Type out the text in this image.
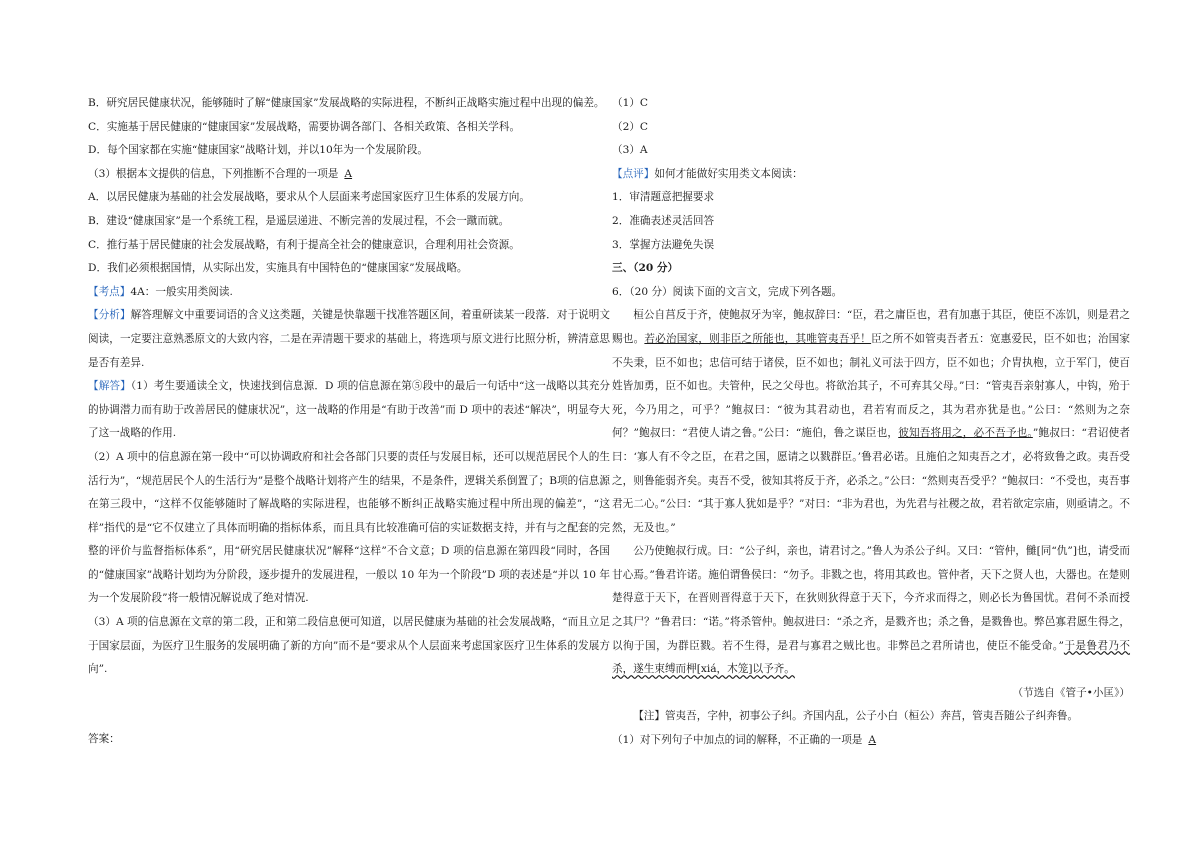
B．研究居民健康状况，能够随时了解“健康国家”发展战略的实际进程，不断纠正战略实施过程中出现的偏差。

C．实施基于居民健康的“健康国家”发展战略，需要协调各部门、各相关政策、各相关学科。

D．每个国家都在实施“健康国家”战略计划，并以10年为一个发展阶段。

（3）根据本文提供的信息，下列推断不合理的一项是 A

A．以居民健康为基础的社会发展战略，要求从个人层面来考虑国家医疗卫生体系的发展方向。

B．建设“健康国家”是一个系统工程，是遥层递进、不断完善的发展过程，不会一蹴而就。

C．推行基于居民健康的社会发展战略，有利于提高全社会的健康意识，合理利用社会资源。

D．我们必须根据国情，从实际出发，实施具有中国特色的“健康国家”发展战略。

【考点】4A：一般实用类阅读.

【分析】解答理解文中重要词语的含义这类题，关键是快靠题干找准答题区间，着重研读某一段落．对于说明文阅读，一定要注意熟悉原文的大致内容，二是在弄清题干要求的基础上，将选项与原文进行比照分析，辨清意思是否有差异.

【解答】（1）考生要通读全文，快速找到信息源．D 项的信息源在第⑤段中的最后一句话中“这一战略以其充分的协调潜力而有助于改善居民的健康状况”，这一战略的作用是“有助于改善”而 D 项中的表述“解决”，明显夸大了这一战略的作用.

（2）A 项中的信息源在第一段中“可以协调政府和社会各部门只要的责任与发展目标，还可以规范居民个人的生活行为”，“规范居民个人的生活行为”是整个战略计划将产生的结果，不是条件，逻辑关系倒置了；B项的信息源在第三段中，“这样不仅能够随时了解战略的实际进程，也能够不断纠正战略实施过程中所出现的偏差”，“这样”指代的是“它不仅建立了具体而明确的指标体系，而且具有比较准确可信的实证数据支持，并有与之配套的完整的评价与监督指标体系”，用“研究居民健康状况”解释“这样”不合文意；D 项的信息源在第四段“同时，各国的“健康国家”战略计划均为分阶段，逐步提升的发展进程，一般以 10 年为一个阶段”D 项的表述是“并以 10 年为一个发展阶段”将一般情况解说成了绝对情况.

（3）A 项的信息源在文章的第二段，正和第二段信息便可知道，以居民健康为基础的社会发展战略，“而且立足于国家层面，为医疗卫生服务的发展明确了新的方向”而不是“要求从个人层面来考虑国家医疗卫生体系的发展方向”.

答案：

（1）C

（2）C

（3）A

【点评】如何才能做好实用类文本阅读：

1．审清题意把握要求

2．准确表述灵活回答

3．掌握方法避免失误

三、（20 分）

6．（20 分）阅读下面的文言文，完成下列各题。

桓公自莒反于齐，使鲍叔牙为宰，鲍叔辞曰：“臣，君之庸臣也，君有加惠于其臣，使臣不冻饥，则是君之赐也。若必治国家，则非臣之所能也，其唯管夷吾乎！臣之所不如管夷吾者五：宽惠爱民，臣不如也；治国家不失秉，臣不如也；忠信可结于诸侯，臣不如也；制礼义可法于四方，臣不如也；介胄执枹，立于军门，使百姓皆加勇，臣不如也。夫管仲，民之父母也。将欲治其子，不可弃其父母。”曰：“管夷吾亲射寡人，中钩，殆于死，今乃用之，可乎？”鲍叔曰：“彼为其君动也，君若宥而反之，其为君亦犹是也。”公曰：“然则为之奈何？”鲍叔曰：“君使人请之鲁。”公曰：“施伯，鲁之谋臣也，彼知吾将用之，必不吾予也。”鲍叔曰：“君诏使者曰：‘寡人有不令之臣，在君之国，愿请之以戮群臣。’鲁君必诺。且施伯之知夷吾之才，必将致鲁之政。夷吾受之，则鲁能弱齐矣。夷吾不受，彼知其将反于齐，必杀之。”公曰：“然则夷吾受乎？”鲍叔曰：“不受也，夷吾事君无二心。”公曰：“其于寡人犹如是乎？”对曰：“非为君也，为先君与社稷之故，君若欲定宗庙，则亟请之。不然，无及也。”

公乃使鲍叔行成。曰：“公子纠，亲也，请君讨之。”鲁人为杀公子纠。又曰：“管仲，雠[同“仇”]也，请受而甘心焉。”鲁君许诺。施伯谓鲁侯曰：“勿予。非戮之也，将用其政也。管仲者，天下之贤人也，大器也。在楚则楚得意于天下，在晋则晋得意于天下，在狄则狄得意于天下，今齐求而得之，则必长为鲁国忧。君何不杀而授之其尸？”鲁君曰：“诺。”将杀管仲。鲍叔进曰：“杀之齐，是戮齐也；杀之鲁，是戮鲁也。弊邑寡君愿生得之，以徇于国，为群臣戮。若不生得，是君与寡君之贼比也。非弊邑之君所请也，使臣不能受命。”于是鲁君乃不杀，遂生束缚而柙[xiá，木笼]以予齐。

（节选自《管子•小匡》）

【注】管夷吾，字仲，初事公子纠。齐国内乱，公子小白（桓公）奔莒，管夷吾随公子纠奔鲁。

（1）对下列句子中加点的词的解释，不正确的一项是 A
